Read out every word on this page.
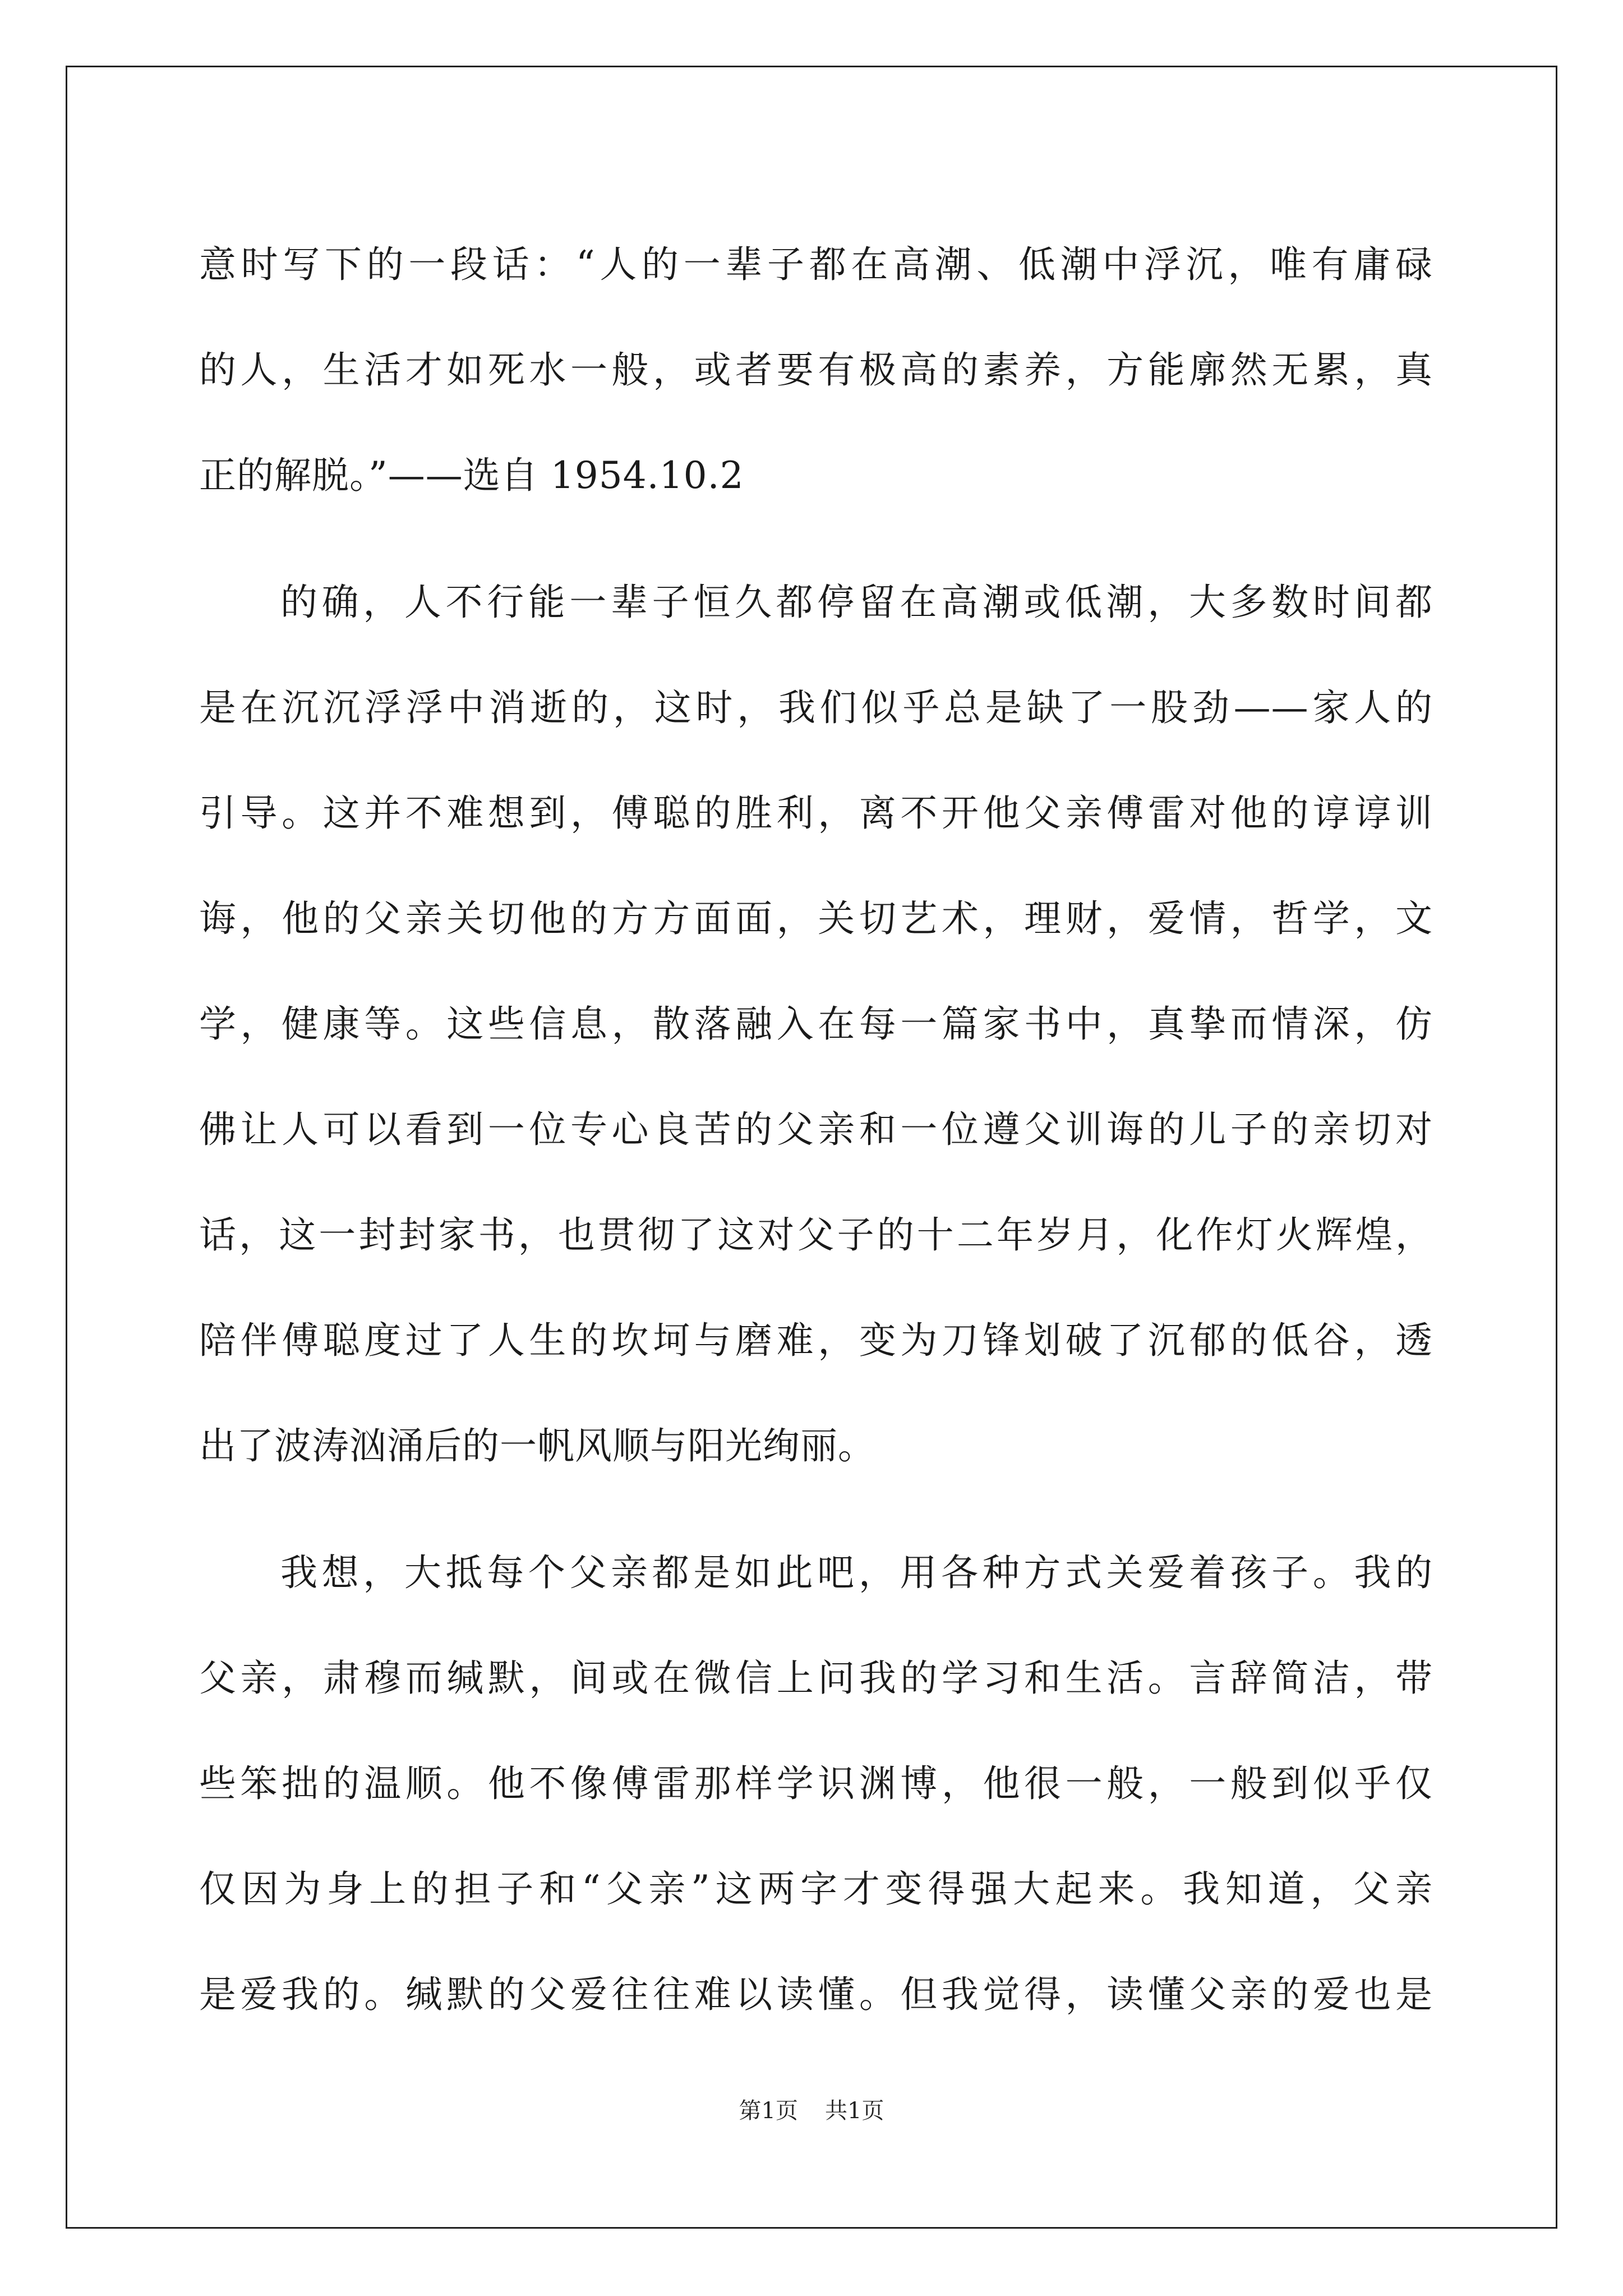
意时写下的一段话：“人的一辈子都在高潮、低潮中浮沉，唯有庸碌
的人，生活才如死水一般，或者要有极高的素养，方能廓然无累，真
正的解脱。”——选自 1954.10.2
的确，人不行能一辈子恒久都停留在高潮或低潮，大多数时间都
是在沉沉浮浮中消逝的，这时，我们似乎总是缺了一股劲——家人的
引导。这并不难想到，傅聪的胜利，离不开他父亲傅雷对他的谆谆训
诲，他的父亲关切他的方方面面，关切艺术，理财，爱情，哲学，文
学，健康等。这些信息，散落融入在每一篇家书中，真挚而情深，仿
佛让人可以看到一位专心良苦的父亲和一位遵父训诲的儿子的亲切对
话，这一封封家书，也贯彻了这对父子的十二年岁月，化作灯火辉煌，
陪伴傅聪度过了人生的坎坷与磨难，变为刀锋划破了沉郁的低谷，透
出了波涛汹涌后的一帆风顺与阳光绚丽。
我想，大抵每个父亲都是如此吧，用各种方式关爱着孩子。我的
父亲，肃穆而缄默，间或在微信上问我的学习和生活。言辞简洁，带
些笨拙的温顺。他不像傅雷那样学识渊博，他很一般，一般到似乎仅
仅因为身上的担子和“父亲”这两字才变得强大起来。我知道，父亲
是爱我的。缄默的父爱往往难以读懂。但我觉得，读懂父亲的爱也是
第1页 共1页
